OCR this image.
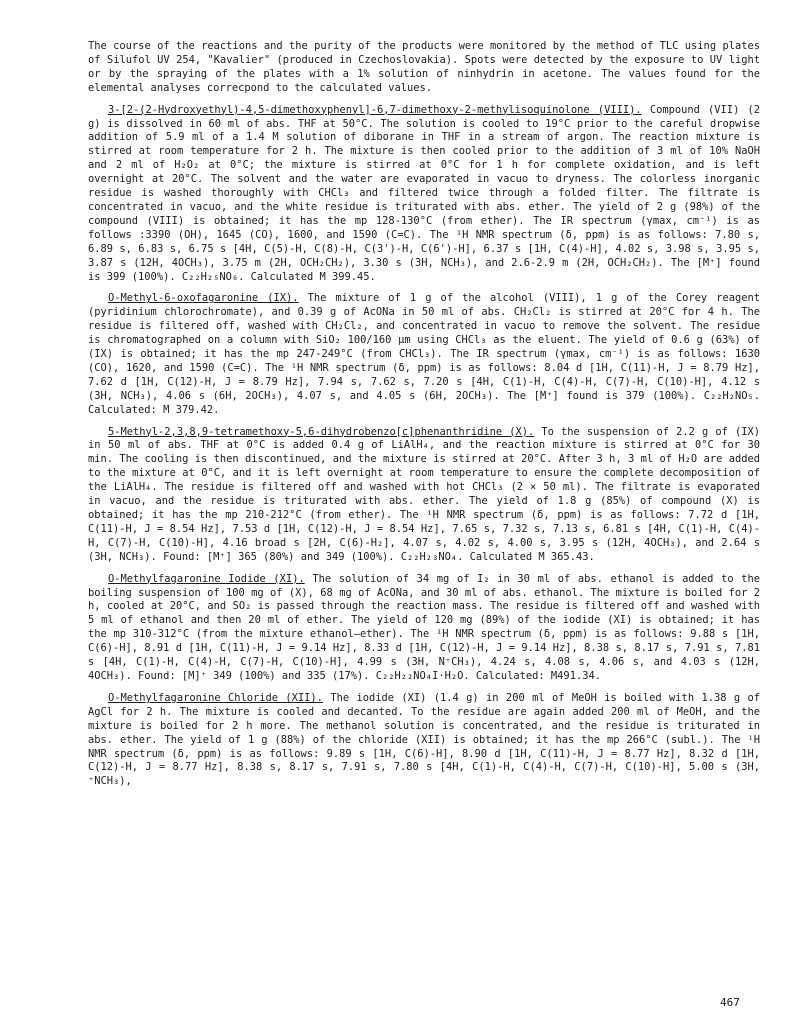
The course of the reactions and the purity of the products were monitored by the method of TLC using plates of Silufol UV 254, "Kavalier" (produced in Czechoslovakia). Spots were detected by the exposure to UV light or by the spraying of the plates with a 1% solution of ninhydrin in acetone. The values found for the elemental analyses correcpond to the calculated values.

3-[2-(2-Hydroxyethyl)-4,5-dimethoxyphenyl]-6,7-dimethoxy-2-methylisoquinolone (VIII). Compound (VII) (2 g) is dissolved in 60 ml of abs. THF at 50°C. The solution is cooled to 19°C prior to the careful dropwise addition of 5.9 ml of a 1.4 M solution of diborane in THF in a stream of argon. The reaction mixture is stirred at room temperature for 2 h. The mixture is then cooled prior to the addition of 3 ml of 10% NaOH and 2 ml of H₂O₂ at 0°C; the mixture is stirred at 0°C for 1 h for complete oxidation, and is left overnight at 20°C. The solvent and the water are evaporated in vacuo to dryness. The colorless inorganic residue is washed thoroughly with CHCl₃ and filtered twice through a folded filter. The filtrate is concentrated in vacuo, and the white residue is triturated with abs. ether. The yield of 2 g (98%) of the compound (VIII) is obtained; it has the mp 128-130°C (from ether). The IR spectrum (γmax, cm⁻¹) is as follows :3390 (OH), 1645 (CO), 1600, and 1590 (C=C). The ¹H NMR spectrum (δ, ppm) is as follows: 7.80 s, 6.89 s, 6.83 s, 6.75 s [4H, C(5)-H, C(8)-H, C(3')-H, C(6')-H], 6.37 s [1H, C(4)-H], 4.02 s, 3.98 s, 3.95 s, 3.87 s (12H, 4OCH₃), 3.75 m (2H, OCH₂CH₂), 3.30 s (3H, NCH₃), and 2.6-2.9 m (2H, OCH₂CH₂). The [M⁺] found is 399 (100%). C₂₂H₂₅NO₆. Calculated M 399.45.

O-Methyl-6-oxofagaronine (IX). The mixture of 1 g of the alcohol (VIII), 1 g of the Corey reagent (pyridinium chlorochromate), and 0.39 g of AcONa in 50 ml of abs. CH₂Cl₂ is stirred at 20°C for 4 h. The residue is filtered off, washed with CH₂Cl₂, and concentrated in vacuo to remove the solvent. The residue is chromatographed on a column with SiO₂ 100/160 μm using CHCl₃ as the eluent. The yield of 0.6 g (63%) of (IX) is obtained; it has the mp 247-249°C (from CHCl₃). The IR spectrum (γmax, cm⁻¹) is as follows: 1630 (CO), 1620, and 1590 (C=C). The ¹H NMR spectrum (δ, ppm) is as follows: 8.04 d [1H, C(11)-H, J = 8.79 Hz], 7.62 d [1H, C(12)-H, J = 8.79 Hz], 7.94 s, 7.62 s, 7.20 s [4H, C(1)-H, C(4)-H, C(7)-H, C(10)-H], 4.12 s (3H, NCH₃), 4.06 s (6H, 2OCH₃), 4.07 s, and 4.05 s (6H, 2OCH₃). The [M⁺] found is 379 (100%). C₂₂H₂NO₅. Calculated: M 379.42.

5-Methyl-2,3,8,9-tetramethoxy-5,6-dihydrobenzo[c]phenanthridine (X). To the suspension of 2.2 g of (IX) in 50 ml of abs. THF at 0°C is added 0.4 g of LiAlH₄, and the reaction mixture is stirred at 0°C for 30 min. The cooling is then discontinued, and the mixture is stirred at 20°C. After 3 h, 3 ml of H₂O are added to the mixture at 0°C, and it is left overnight at room temperature to ensure the complete decomposition of the LiAlH₄. The residue is filtered off and washed with hot CHCl₃ (2 × 50 ml). The filtrate is evaporated in vacuo, and the residue is triturated with abs. ether. The yield of 1.8 g (85%) of compound (X) is obtained; it has the mp 210-212°C (from ether). The ¹H NMR spectrum (δ, ppm) is as follows: 7.72 d [1H, C(11)-H, J = 8.54 Hz], 7.53 d [1H, C(12)-H, J = 8.54 Hz], 7.65 s, 7.32 s, 7.13 s, 6.81 s [4H, C(1)-H, C(4)-H, C(7)-H, C(10)-H], 4.16 broad s [2H, C(6)-H₂], 4.07 s, 4.02 s, 4.00 s, 3.95 s (12H, 4OCH₃), and 2.64 s (3H, NCH₃). Found: [M⁺] 365 (80%) and 349 (100%). C₂₂H₂₃NO₄. Calculated M 365.43.

O-Methylfagaronine Iodide (XI). The solution of 34 mg of I₂ in 30 ml of abs. ethanol is added to the boiling suspension of 100 mg of (X), 68 mg of AcONa, and 30 ml of abs. ethanol. The mixture is boiled for 2 h, cooled at 20°C, and SO₂ is passed through the reaction mass. The residue is filtered off and washed with 5 ml of ethanol and then 20 ml of ether. The yield of 120 mg (89%) of the iodide (XI) is obtained; it has the mp 310-312°C (from the mixture ethanol–ether). The ¹H NMR spectrum (δ, ppm) is as follows: 9.88 s [1H, C(6)-H], 8.91 d [1H, C(11)-H, J = 9.14 Hz], 8.33 d [1H, C(12)-H, J = 9.14 Hz], 8.38 s, 8.17 s, 7.91 s, 7.81 s [4H, C(1)-H, C(4)-H, C(7)-H, C(10)-H], 4.99 s (3H, N⁺CH₃), 4.24 s, 4.08 s, 4.06 s, and 4.03 s (12H, 4OCH₃). Found: [M]⁺ 349 (100%) and 335 (17%). C₂₂H₂₂NO₄I·H₂O. Calculated: M491.34.

O-Methylfagaronine Chloride (XII). The iodide (XI) (1.4 g) in 200 ml of MeOH is boiled with 1.38 g of AgCl for 2 h. The mixture is cooled and decanted. To the residue are again added 200 ml of MeOH, and the mixture is boiled for 2 h more. The methanol solution is concentrated, and the residue is triturated in abs. ether. The yield of 1 g (88%) of the chloride (XII) is obtained; it has the mp 266°C (subl.). The ¹H NMR spectrum (δ, ppm) is as follows: 9.89 s [1H, C(6)-H], 8.90 d [1H, C(11)-H, J = 8.77 Hz], 8.32 d [1H, C(12)-H, J = 8.77 Hz], 8.38 s, 8.17 s, 7.91 s, 7.80 s [4H, C(1)-H, C(4)-H, C(7)-H, C(10)-H], 5.00 s (3H, ⁺NCH₃),

467
